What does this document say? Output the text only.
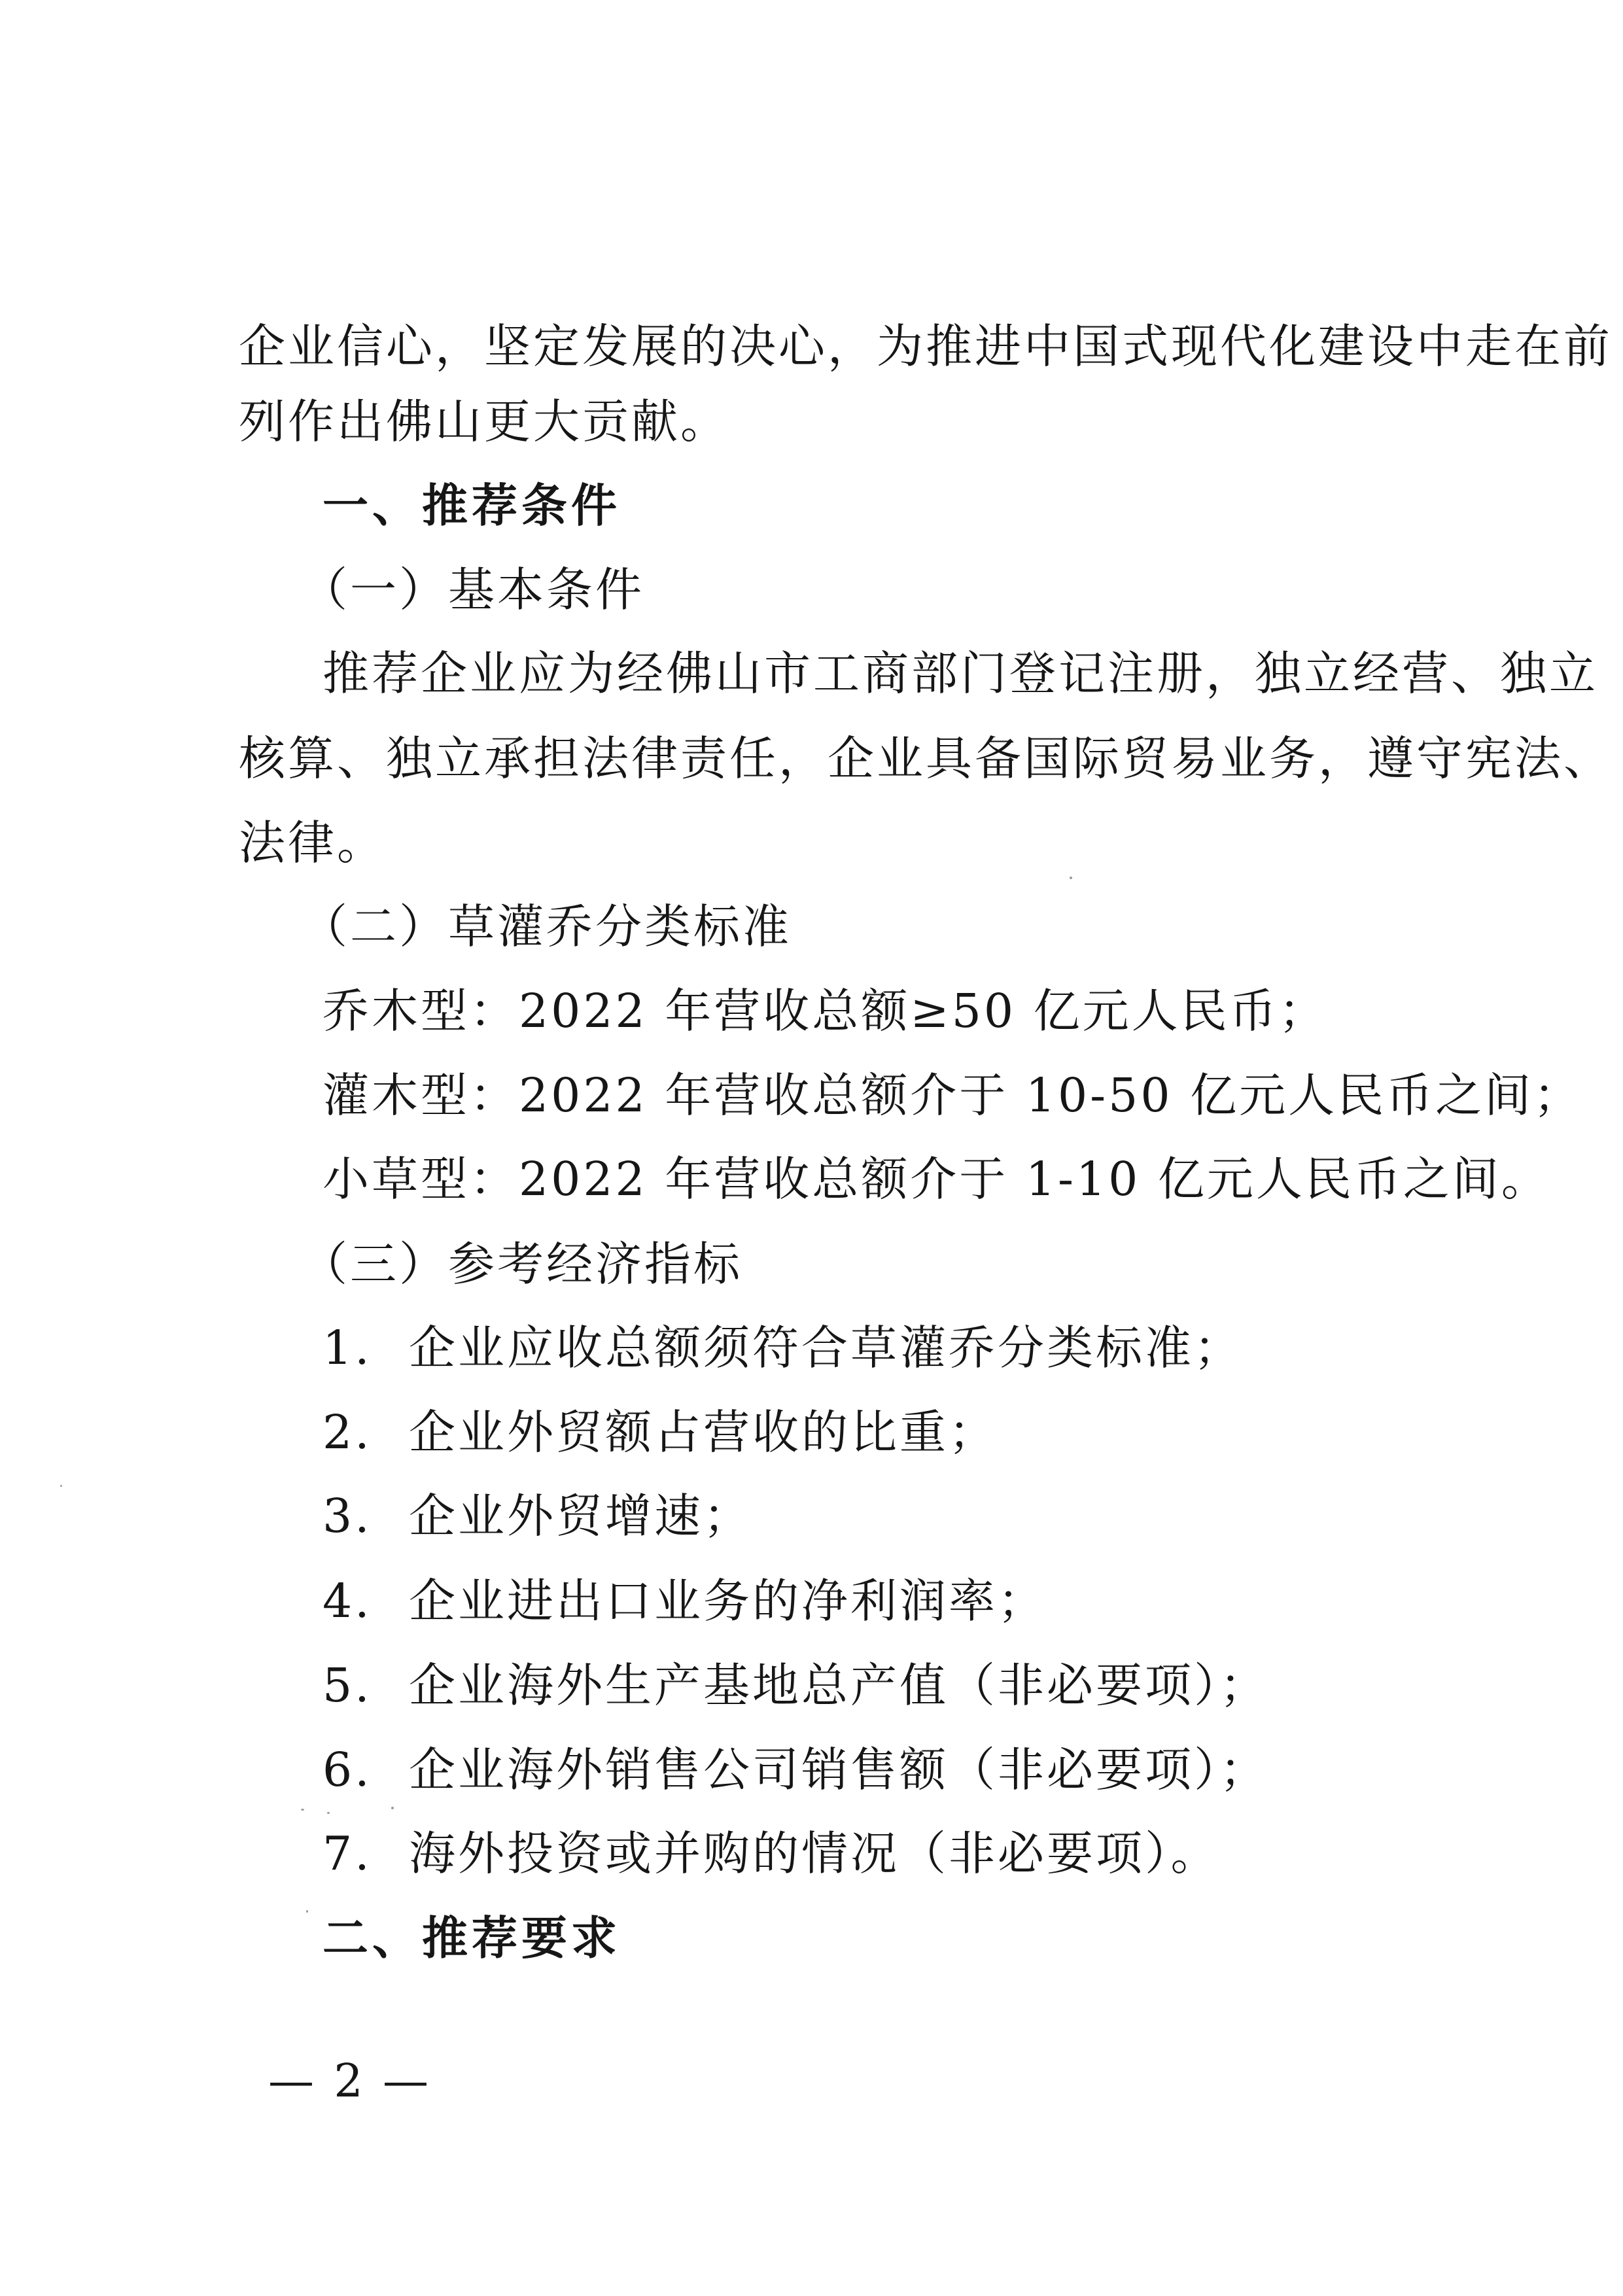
企业信心，坚定发展的决心，为推进中国式现代化建设中走在前
列作出佛山更大贡献。
一、推荐条件
（一）基本条件
推荐企业应为经佛山市工商部门登记注册，独立经营、独立
核算、独立承担法律责任，企业具备国际贸易业务，遵守宪法、
法律。
（二）草灌乔分类标准
乔木型：2022 年营收总额≥50 亿元人民币；
灌木型：2022 年营收总额介于 10-50 亿元人民币之间；
小草型：2022 年营收总额介于 1-10 亿元人民币之间。
（三）参考经济指标
1. 企业应收总额须符合草灌乔分类标准；
2. 企业外贸额占营收的比重；
3. 企业外贸增速；
4. 企业进出口业务的净利润率；
5. 企业海外生产基地总产值（非必要项）；
6. 企业海外销售公司销售额（非必要项）；
7. 海外投资或并购的情况（非必要项）。
二、推荐要求
— 2 —
